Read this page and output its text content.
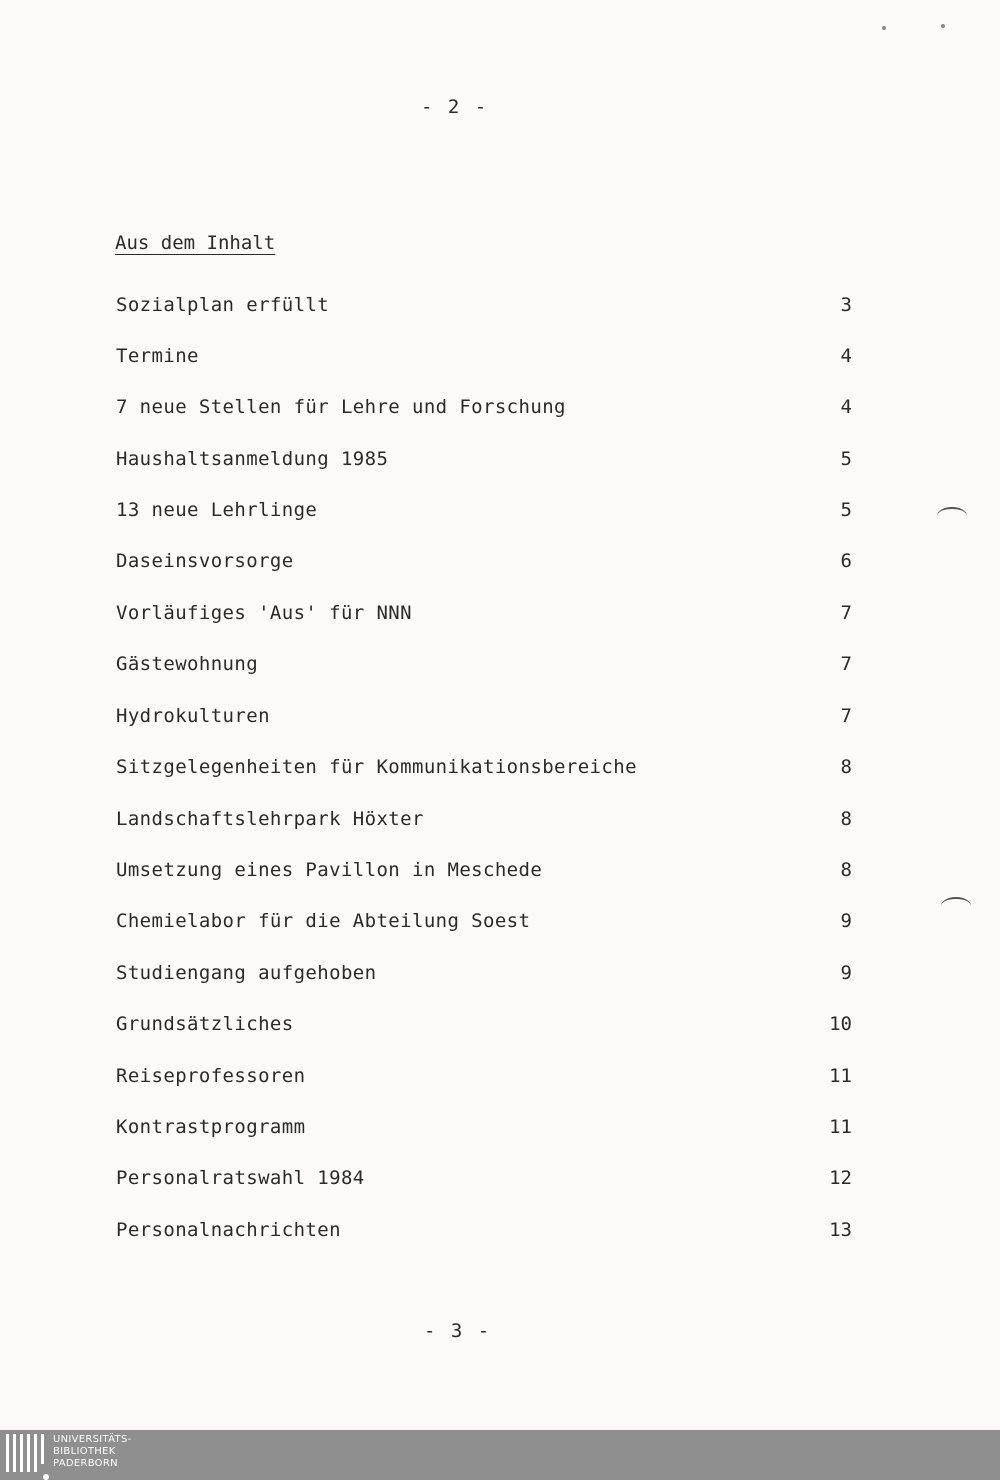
- 2 -
Aus dem Inhalt
Sozialplan erfüllt	3
Termine	4
7 neue Stellen für Lehre und Forschung	4
Haushaltsanmeldung 1985	5
13 neue Lehrlinge	5
Daseinsvorsorge	6
Vorläufiges 'Aus' für NNN	7
Gästewohnung	7
Hydrokulturen	7
Sitzgelegenheiten für Kommunikationsbereiche	8
Landschaftslehrpark Höxter	8
Umsetzung eines Pavillon in Meschede	8
Chemielabor für die Abteilung Soest	9
Studiengang aufgehoben	9
Grundsätzliches	10
Reiseprofessoren	11
Kontrastprogramm	11
Personalratswahl 1984	12
Personalnachrichten	13
- 3 -
UNIVERSITÄTS-
BIBLIOTHEK
PADERBORN
